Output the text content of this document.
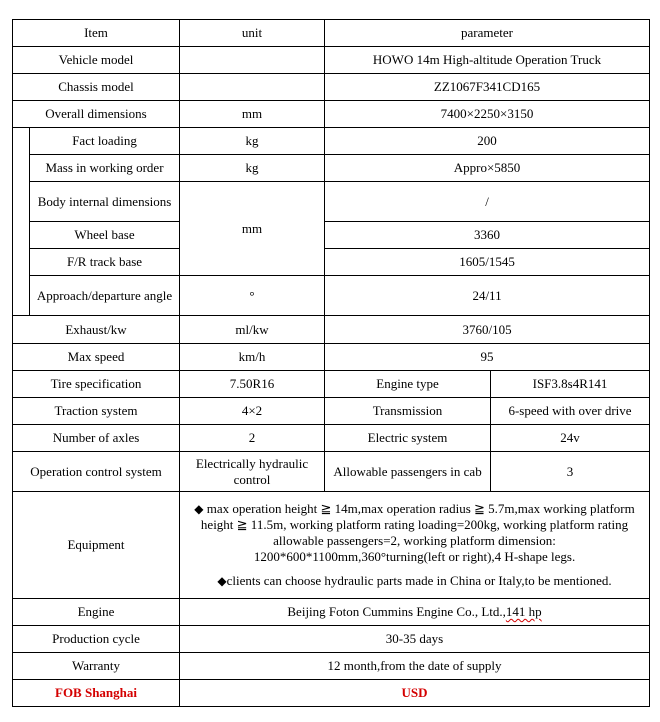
Item		unit	parameter	
Vehicle model			HOWO 14m High-altitude Operation Truck	
Chassis model			ZZ1067F341CD165	
Overall dimensions		mm	7400×2250×3150	
	Fact loading	kg	200	
	Mass in working order	kg	Appro×5850	
	Body internal dimensions	mm	/	
	Wheel base		3360	
	F/R track base		1605/1545	
	Approach/departure angle	°	24/11	
Exhaust/kw		ml/kw	3760/105	
Max speed		km/h	95	
Tire specification		7.50R16	Engine type	ISF3.8s4R141
Traction system		4×2	Transmission	6-speed with over drive
Number of axles		2	Electric system	24v
Operation control system		Electrically hydraulic control	Allowable passengers in cab	3
Equipment		◆ max operation height ≧ 14m,max operation radius ≧ 5.7m,max working platform height ≧ 11.5m, working platform rating loading=200kg, working platform rating allowable passengers=2, working platform dimension: 1200*600*1100mm,360°turning(left or right),4 H-shape legs.

◆clients can choose hydraulic parts made in China or Italy,to be mentioned.		

Engine		Beijing Foton Cummins Engine Co., Ltd.,141 hp		
Production cycle		30-35 days		
Warranty		12 month,from the date of supply		
FOB Shanghai		USD		
